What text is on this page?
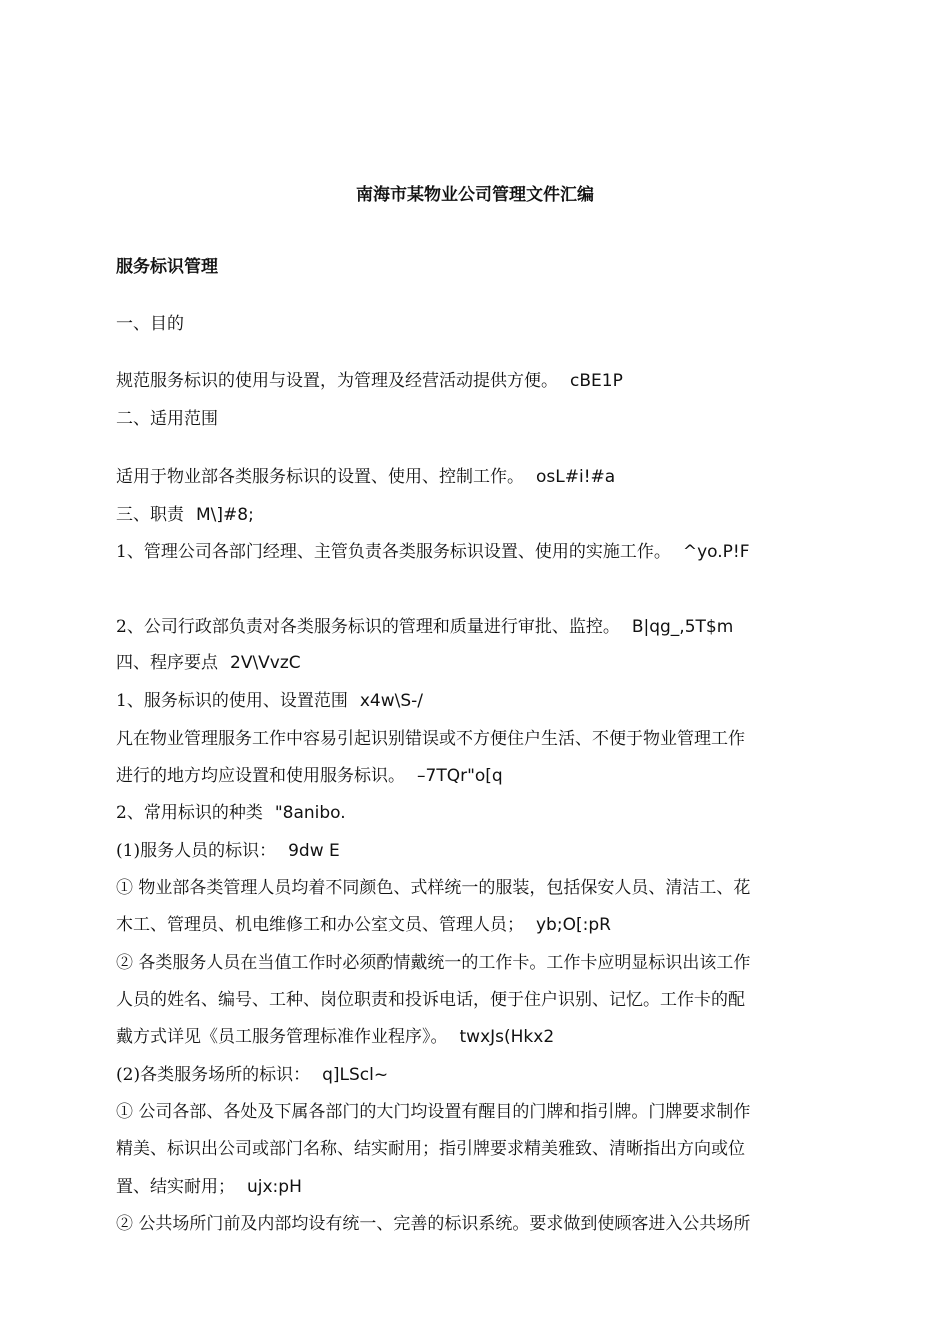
南海市某物业公司管理文件汇编
服务标识管理
一、目的
规范服务标识的使用与设置，为管理及经营活动提供方便。 cBE1P
二、适用范围
适用于物业部各类服务标识的设置、使用、控制工作。 osL#i!#a
三、职责 M\]#8;
1、管理公司各部门经理、主管负责各类服务标识设置、使用的实施工作。 ^yo.P!F
2、公司行政部负责对各类服务标识的管理和质量进行审批、监控。 B|qg_,5T$m
四、程序要点 2V\VvzC
1、服务标识的使用、设置范围 x4w\S-/
凡在物业管理服务工作中容易引起识别错误或不方便住户生活、不便于物业管理工作
进行的地方均应设置和使用服务标识。 –7TQr"o[q
2、常用标识的种类 "8anibo.
(1)服务人员的标识： 9dw E
① 物业部各类管理人员均着不同颜色、式样统一的服装，包括保安人员、清洁工、花
木工、管理员、机电维修工和办公室文员、管理人员； yb;O[:pR
② 各类服务人员在当值工作时必须酌情戴统一的工作卡。工作卡应明显标识出该工作
人员的姓名、编号、工种、岗位职责和投诉电话，便于住户识别、记忆。工作卡的配
戴方式详见《员工服务管理标准作业程序》。 twxJs(Hkx2
(2)各类服务场所的标识： q]LScl~
① 公司各部、各处及下属各部门的大门均设置有醒目的门牌和指引牌。门牌要求制作
精美、标识出公司或部门名称、结实耐用；指引牌要求精美雅致、清晰指出方向或位
置、结实耐用； ujx:pH
② 公共场所门前及内部均设有统一、完善的标识系统。要求做到使顾客进入公共场所
